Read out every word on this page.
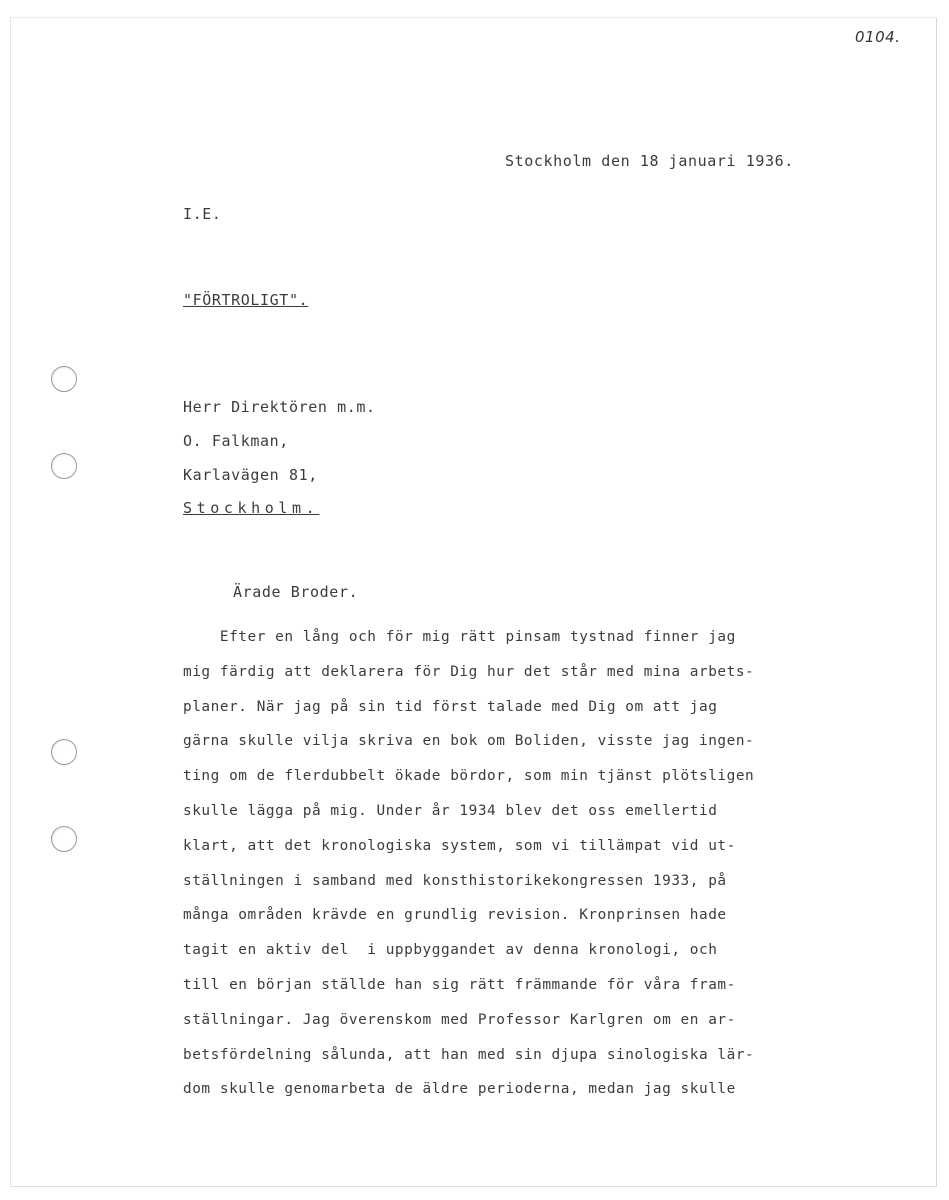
0104.
Stockholm den 18 januari 1936.
I.E.
"FÖRTROLIGT".
Herr Direktören m.m.
O. Falkman,
Karlavägen 81,
Stockholm.
Ärade Broder.
Efter en lång och för mig rätt pinsam tystnad finner jag
mig färdig att deklarera för Dig hur det står med mina arbets-
planer. När jag på sin tid först talade med Dig om att jag
gärna skulle vilja skriva en bok om Boliden, visste jag ingen-
ting om de flerdubbelt ökade bördor, som min tjänst plötsligen
skulle lägga på mig. Under år 1934 blev det oss emellertid
klart, att det kronologiska system, som vi tillämpat vid ut-
ställningen i samband med konsthistorikekongressen 1933, på
många områden krävde en grundlig revision. Kronprinsen hade
tagit en aktiv del  i uppbyggandet av denna kronologi, och
till en början ställde han sig rätt främmande för våra fram-
ställningar. Jag överenskom med Professor Karlgren om en ar-
betsfördelning sålunda, att han med sin djupa sinologiska lär-
dom skulle genomarbeta de äldre perioderna, medan jag skulle
